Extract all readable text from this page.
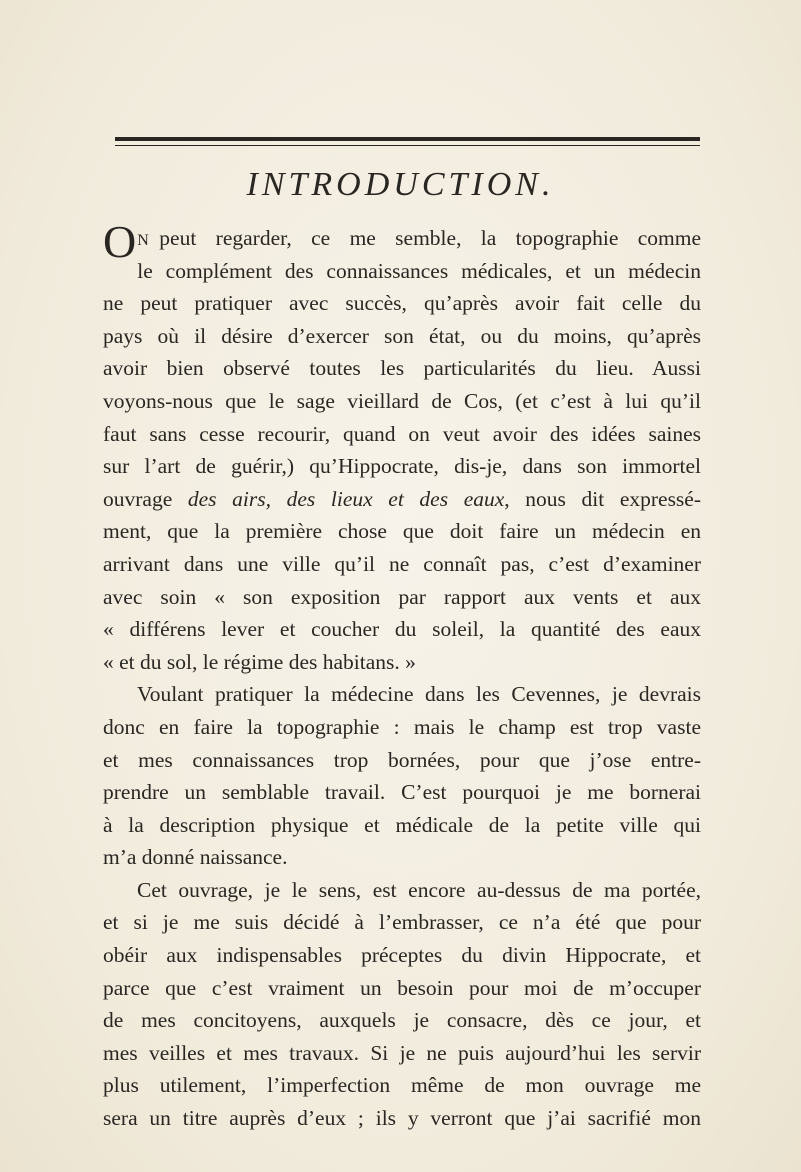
INTRODUCTION.
O N peut regarder, ce me semble, la topographie comme
le complément des connaissances médicales, et un médecin
ne peut pratiquer avec succès, qu’après avoir fait celle du
pays où il désire d’exercer son état, ou du moins, qu’après
avoir bien observé toutes les particularités du lieu. Aussi
voyons-nous que le sage vieillard de Cos, (et c’est à lui qu’il
faut sans cesse recourir, quand on veut avoir des idées saines
sur l’art de guérir,) qu’Hippocrate, dis-je, dans son immortel
ouvrage des airs, des lieux et des eaux, nous dit expressé-
ment, que la première chose que doit faire un médecin en
arrivant dans une ville qu’il ne connaît pas, c’est d’examiner
avec soin « son exposition par rapport aux vents et aux
« différens lever et coucher du soleil, la quantité des eaux
« et du sol, le régime des habitans. »
Voulant pratiquer la médecine dans les Cevennes, je devrais
donc en faire la topographie : mais le champ est trop vaste
et mes connaissances trop bornées, pour que j’ose entre-
prendre un semblable travail. C’est pourquoi je me bornerai
à la description physique et médicale de la petite ville qui
m’a donné naissance.
Cet ouvrage, je le sens, est encore au-dessus de ma portée,
et si je me suis décidé à l’embrasser, ce n’a été que pour
obéir aux indispensables préceptes du divin Hippocrate, et
parce que c’est vraiment un besoin pour moi de m’occuper
de mes concitoyens, auxquels je consacre, dès ce jour, et
mes veilles et mes travaux. Si je ne puis aujourd’hui les servir
plus utilement, l’imperfection même de mon ouvrage me
sera un titre auprès d’eux ; ils y verront que j’ai sacrifié mon
